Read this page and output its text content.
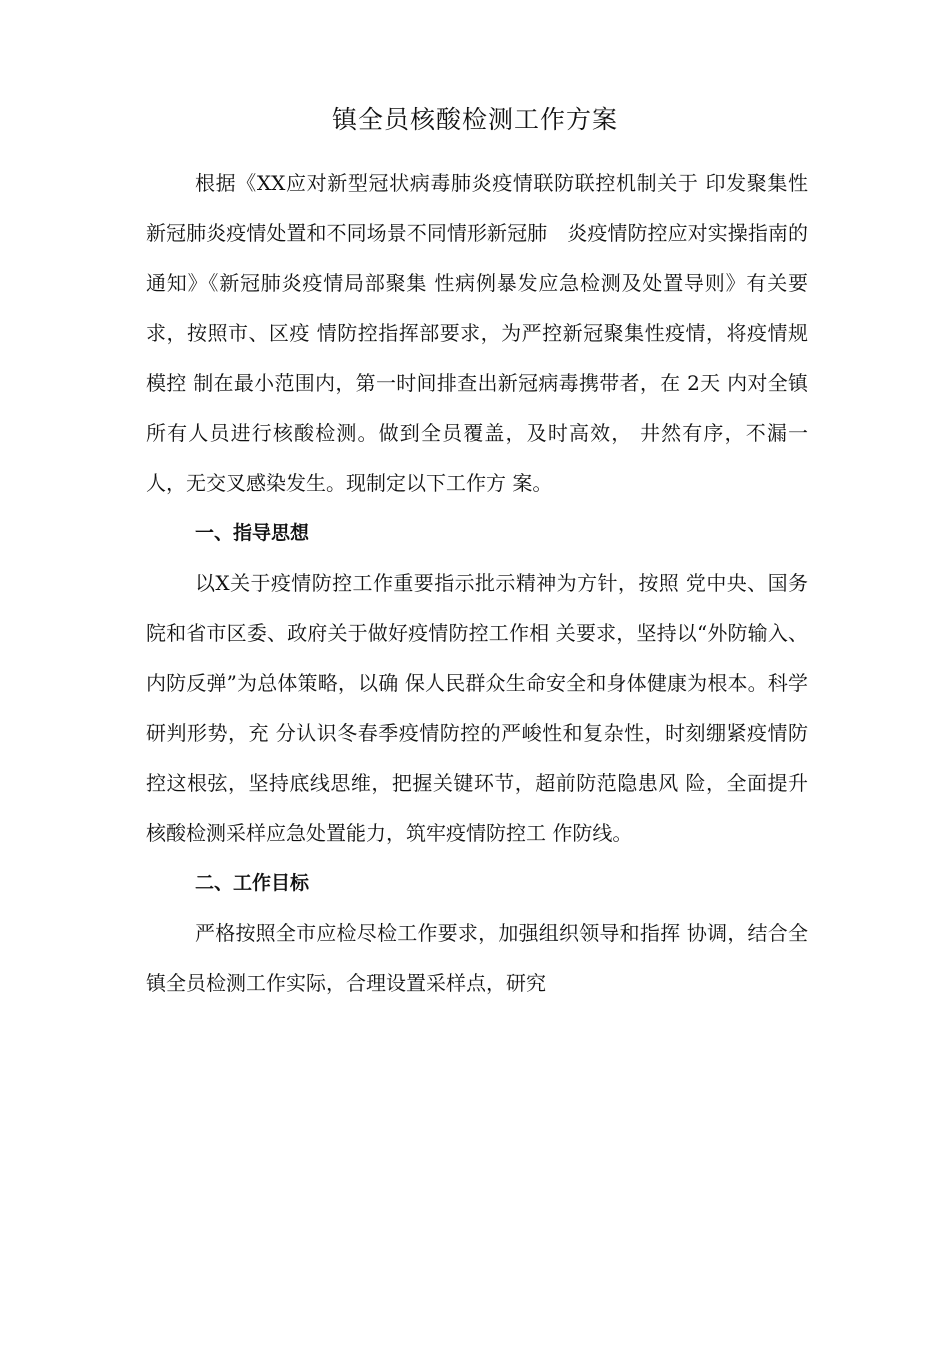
镇全员核酸检测工作方案

根据《XX应对新型冠状病毒肺炎疫情联防联控机制关于 印发聚集性新冠肺炎疫情处置和不同场景不同情形新冠肺　炎疫情防控应对实操指南的通知》《新冠肺炎疫情局部聚集 性病例暴发应急检测及处置导则》有关要求，按照市、区疫 情防控指挥部要求，为严控新冠聚集性疫情，将疫情规模控 制在最小范围内，第一时间排查出新冠病毒携带者，在 2天 内对全镇所有人员进行核酸检测。做到全员覆盖，及时高效， 井然有序，不漏一人，无交叉感染发生。现制定以下工作方 案。

一、指导思想

以X关于疫情防控工作重要指示批示精神为方针，按照 党中央、国务院和省市区委、政府关于做好疫情防控工作相 关要求，坚持以“外防输入、内防反弹”为总体策略，以确 保人民群众生命安全和身体健康为根本。科学研判形势，充 分认识冬春季疫情防控的严峻性和复杂性，时刻绷紧疫情防 控这根弦，坚持底线思维，把握关键环节，超前防范隐患风 险，全面提升核酸检测采样应急处置能力，筑牢疫情防控工 作防线。

二、工作目标

严格按照全市应检尽检工作要求，加强组织领导和指挥 协调，结合全镇全员检测工作实际，合理设置采样点，研究
